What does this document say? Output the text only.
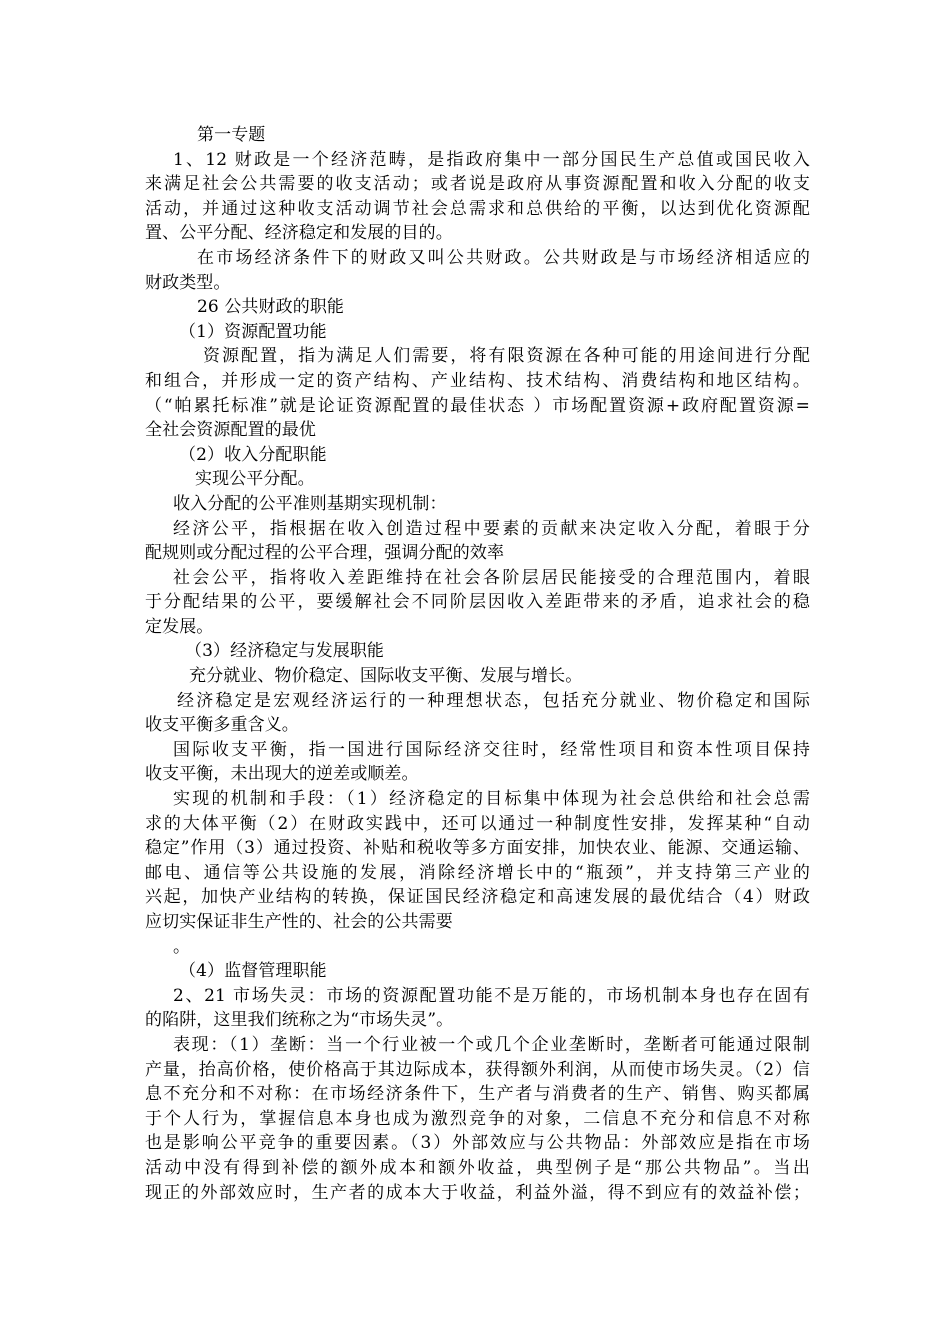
第一专题
1、12 财政是一个经济范畴，是指政府集中一部分国民生产总值或国民收入
来满足社会公共需要的收支活动；或者说是政府从事资源配置和收入分配的收支
活动，并通过这种收支活动调节社会总需求和总供给的平衡，以达到优化资源配
置、公平分配、经济稳定和发展的目的。
在市场经济条件下的财政又叫公共财政。公共财政是与市场经济相适应的
财政类型。
26 公共财政的职能
（1）资源配置功能
资源配置，指为满足人们需要，将有限资源在各种可能的用途间进行分配
和组合，并形成一定的资产结构、产业结构、技术结构、消费结构和地区结构。
（“帕累托标准”就是论证资源配置的最佳状态 ）市场配置资源+政府配置资源=
全社会资源配置的最优
（2）收入分配职能
实现公平分配。
收入分配的公平准则基期实现机制：
经济公平，指根据在收入创造过程中要素的贡献来决定收入分配，着眼于分
配规则或分配过程的公平合理，强调分配的效率
社会公平，指将收入差距维持在社会各阶层居民能接受的合理范围内，着眼
于分配结果的公平，要缓解社会不同阶层因收入差距带来的矛盾，追求社会的稳
定发展。
（3）经济稳定与发展职能
充分就业、物价稳定、国际收支平衡、发展与增长。
经济稳定是宏观经济运行的一种理想状态，包括充分就业、物价稳定和国际
收支平衡多重含义。
国际收支平衡，指一国进行国际经济交往时，经常性项目和资本性项目保持
收支平衡，未出现大的逆差或顺差。
实现的机制和手段：（1）经济稳定的目标集中体现为社会总供给和社会总需
求的大体平衡（2）在财政实践中，还可以通过一种制度性安排，发挥某种“自动
稳定”作用（3）通过投资、补贴和税收等多方面安排，加快农业、能源、交通运输、
邮电、通信等公共设施的发展，消除经济增长中的“瓶颈”，并支持第三产业的
兴起，加快产业结构的转换，保证国民经济稳定和高速发展的最优结合（4）财政
应切实保证非生产性的、社会的公共需要
。
（4）监督管理职能
2、21 市场失灵：市场的资源配置功能不是万能的，市场机制本身也存在固有
的陷阱，这里我们统称之为“市场失灵”。
表现：（1）垄断：当一个行业被一个或几个企业垄断时，垄断者可能通过限制
产量，抬高价格，使价格高于其边际成本，获得额外利润，从而使市场失灵。（2）信
息不充分和不对称：在市场经济条件下，生产者与消费者的生产、销售、购买都属
于个人行为，掌握信息本身也成为激烈竞争的对象，二信息不充分和信息不对称
也是影响公平竞争的重要因素。（3）外部效应与公共物品：外部效应是指在市场
活动中没有得到补偿的额外成本和额外收益，典型例子是“那公共物品”。当出
现正的外部效应时，生产者的成本大于收益，利益外溢，得不到应有的效益补偿；
